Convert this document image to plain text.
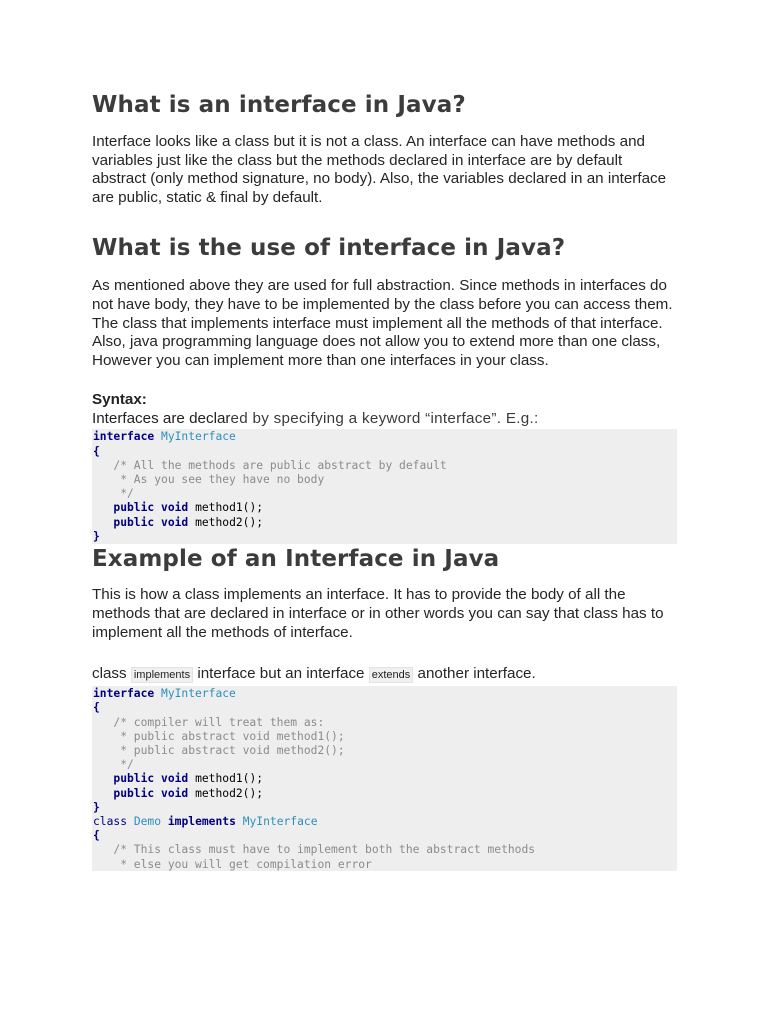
What is an interface in Java?

Interface looks like a class but it is not a class. An interface can have methods and variables just like the class but the methods declared in interface are by default abstract (only method signature, no body). Also, the variables declared in an interface are public, static & final by default.

What is the use of interface in Java?

As mentioned above they are used for full abstraction. Since methods in interfaces do not have body, they have to be implemented by the class before you can access them. The class that implements interface must implement all the methods of that interface. Also, java programming language does not allow you to extend more than one class, However you can implement more than one interfaces in your class.

Syntax:
Interfaces are declared by specifying a keyword “interface”. E.g.:
interface MyInterface
{
/* All the methods are public abstract by default
* As you see they have no body
*/
public void method1();
public void method2();
}
Example of an Interface in Java

This is how a class implements an interface. It has to provide the body of all the methods that are declared in interface or in other words you can say that class has to implement all the methods of interface.

class implements interface but an interface extends another interface.

interface MyInterface
{
/* compiler will treat them as:
* public abstract void method1();
* public abstract void method2();
*/
public void method1();
public void method2();
}
class Demo implements MyInterface
{
/* This class must have to implement both the abstract methods
* else you will get compilation error
